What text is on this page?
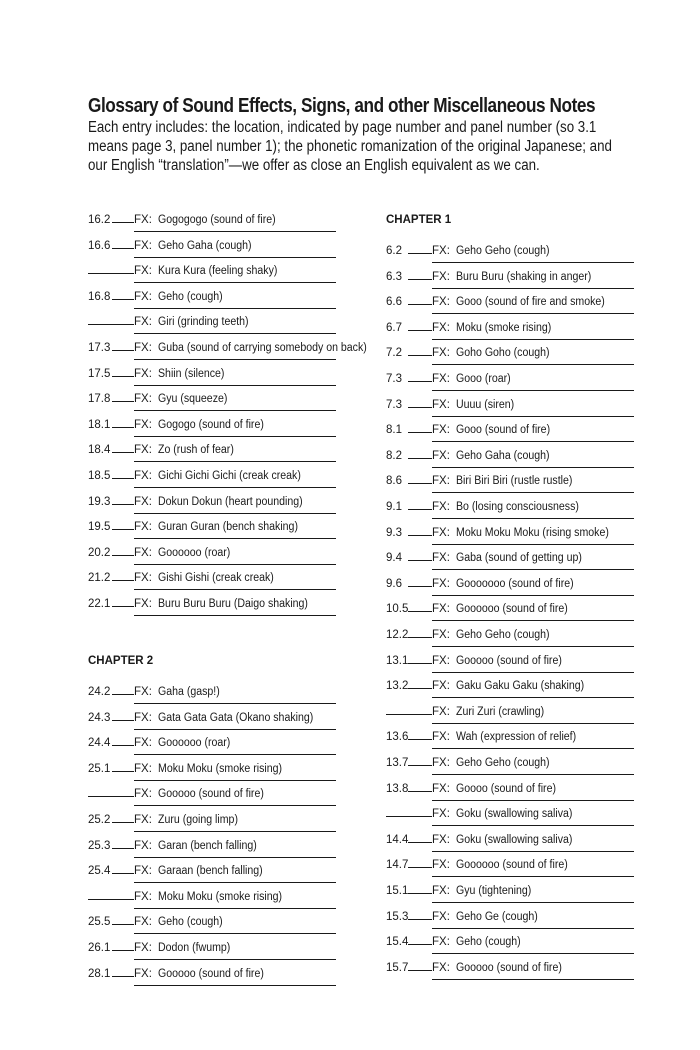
Glossary of Sound Effects, Signs, and other Miscellaneous Notes
Each entry includes: the location, indicated by page number and panel number (so 3.1 means page 3, panel number 1); the phonetic romanization of the original Japanese; and our English “translation”—we offer as close an English equivalent as we can.
CHAPTER 2
16.2 FX: Gogogogo (sound of fire)
16.6 FX: Geho Gaha (cough)
FX: Kura Kura (feeling shaky)
16.8 FX: Geho (cough)
FX: Giri (grinding teeth)
17.3 FX: Guba (sound of carrying somebody on back)
17.5 FX: Shiin (silence)
17.8 FX: Gyu (squeeze)
18.1 FX: Gogogo (sound of fire)
18.4 FX: Zo (rush of fear)
18.5 FX: Gichi Gichi Gichi (creak creak)
19.3 FX: Dokun Dokun (heart pounding)
19.5 FX: Guran Guran (bench shaking)
20.2 FX: Goooooo (roar)
21.2 FX: Gishi Gishi (creak creak)
22.1 FX: Buru Buru Buru (Daigo shaking)
24.2 FX: Gaha (gasp!)
24.3 FX: Gata Gata Gata (Okano shaking)
24.4 FX: Goooooo (roar)
25.1 FX: Moku Moku (smoke rising)
FX: Gooooo (sound of fire)
25.2 FX: Zuru (going limp)
25.3 FX: Garan (bench falling)
25.4 FX: Garaan (bench falling)
FX: Moku Moku (smoke rising)
25.5 FX: Geho (cough)
26.1 FX: Dodon (fwump)
28.1 FX: Gooooo (sound of fire)
CHAPTER 1
6.2	FX: Geho Geho (cough)
6.3	FX: Buru Buru (shaking in anger)
6.6	FX: Gooo (sound of fire and smoke)
6.7	FX: Moku (smoke rising)
7.2	FX: Goho Goho (cough)
7.3	FX: Gooo (roar)
7.3	FX: Uuuu (siren)
8.1	FX: Gooo (sound of fire)
8.2	FX: Geho Gaha (cough)
8.6	FX: Biri Biri Biri (rustle rustle)
9.1	FX: Bo (losing consciousness)
9.3	FX: Moku Moku Moku (rising smoke)
9.4	FX: Gaba (sound of getting up)
9.6	FX: Gooooooo (sound of fire)
10.5 FX: Goooooo (sound of fire)
12.2 FX: Geho Geho (cough)
13.1 FX: Gooooo (sound of fire)
13.2 FX: Gaku Gaku Gaku (shaking)
FX: Zuri Zuri (crawling)
13.6 FX: Wah (expression of relief)
13.7 FX: Geho Geho (cough)
13.8 FX: Goooo (sound of fire)
FX: Goku (swallowing saliva)
14.4 FX: Goku (swallowing saliva)
14.7 FX: Goooooo (sound of fire)
15.1 FX: Gyu (tightening)
15.3 FX: Geho Ge (cough)
15.4 FX: Geho (cough)
15.7 FX: Gooooo (sound of fire)
